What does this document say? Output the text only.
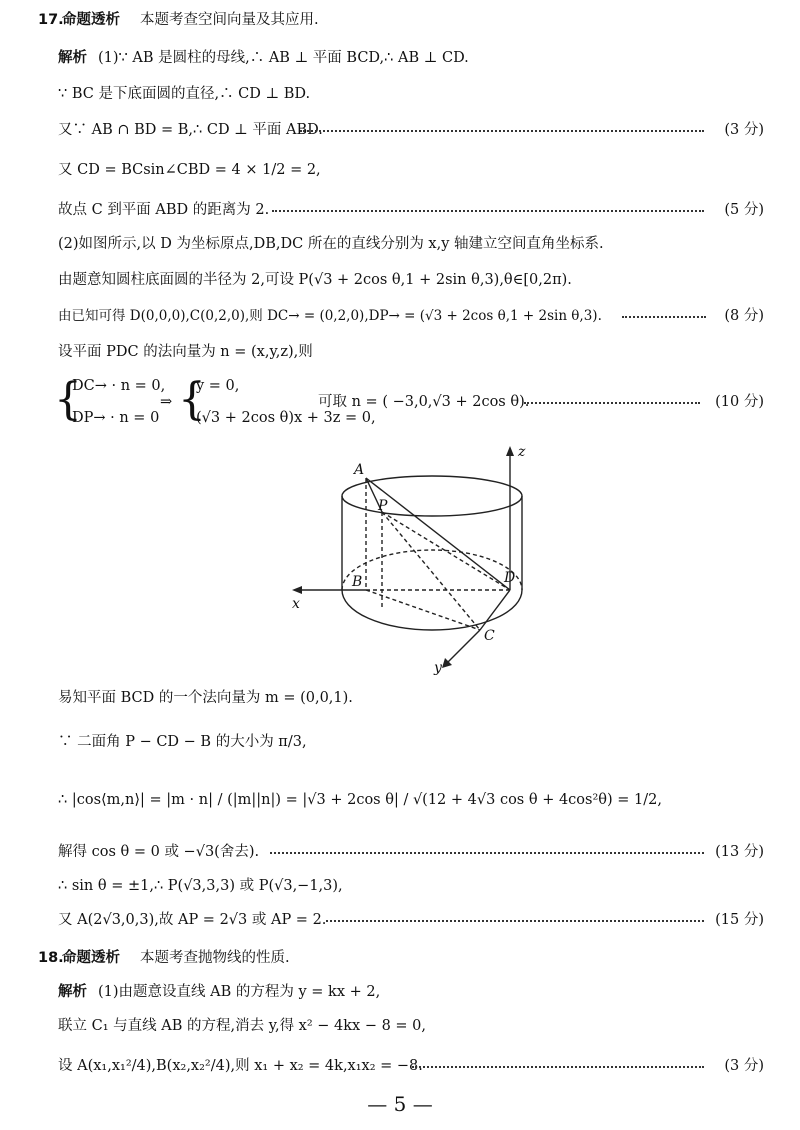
17.
命题透析 本题考查空间向量及其应用.
解析 (1)∵ AB 是圆柱的母线,∴ AB ⊥ 平面 BCD,∴ AB ⊥ CD.
∵ BC 是下底面圆的直径,∴ CD ⊥ BD.
又∵ AB ∩ BD = B,∴ CD ⊥ 平面 ABD.	(3 分)
又 CD = BCsin∠CBD = 4 × 1/2 = 2,
故点 C 到平面 ABD 的距离为 2.	(5 分)
(2)如图所示,以 D 为坐标原点,DB,DC 所在的直线分别为 x,y 轴建立空间直角坐标系.
由题意知圆柱底面圆的半径为 2,可设 P(√3 + 2cos θ,1 + 2sin θ,3),θ∈[0,2π).
由已知可得 D(0,0,0),C(0,2,0),则 DC→ = (0,2,0),DP→ = (√3 + 2cos θ,1 + 2sin θ,3).	(8 分)
设平面 PDC 的法向量为 n = (x,y,z),则
{
DC→ · n = 0,
DP→ · n = 0
⇒ {
y = 0,
(√3 + 2cos θ)x + 3z = 0,
可取 n = ( −3,0,√3 + 2cos θ).	(10 分)
A
P
B	D
C
x
y
z
易知平面 BCD 的一个法向量为 m = (0,0,1).
∵ 二面角 P − CD − B 的大小为 π/3,
∴ |cos⟨m,n⟩| = |m · n| / (|m||n|) = |√3 + 2cos θ| / √(12 + 4√3 cos θ + 4cos²θ) = 1/2,
解得 cos θ = 0 或 −√3(舍去).	(13 分)
∴ sin θ = ±1,∴ P(√3,3,3) 或 P(√3,−1,3),
又 A(2√3,0,3),故 AP = 2√3 或 AP = 2.	(15 分)
18.
命题透析 本题考查抛物线的性质.
解析 (1)由题意设直线 AB 的方程为 y = kx + 2,
联立 C₁ 与直线 AB 的方程,消去 y,得 x² − 4kx − 8 = 0,
设 A(x₁,x₁²/4),B(x₂,x₂²/4),则 x₁ + x₂ = 4k,x₁x₂ = −8.	(3 分)
— 5 —
